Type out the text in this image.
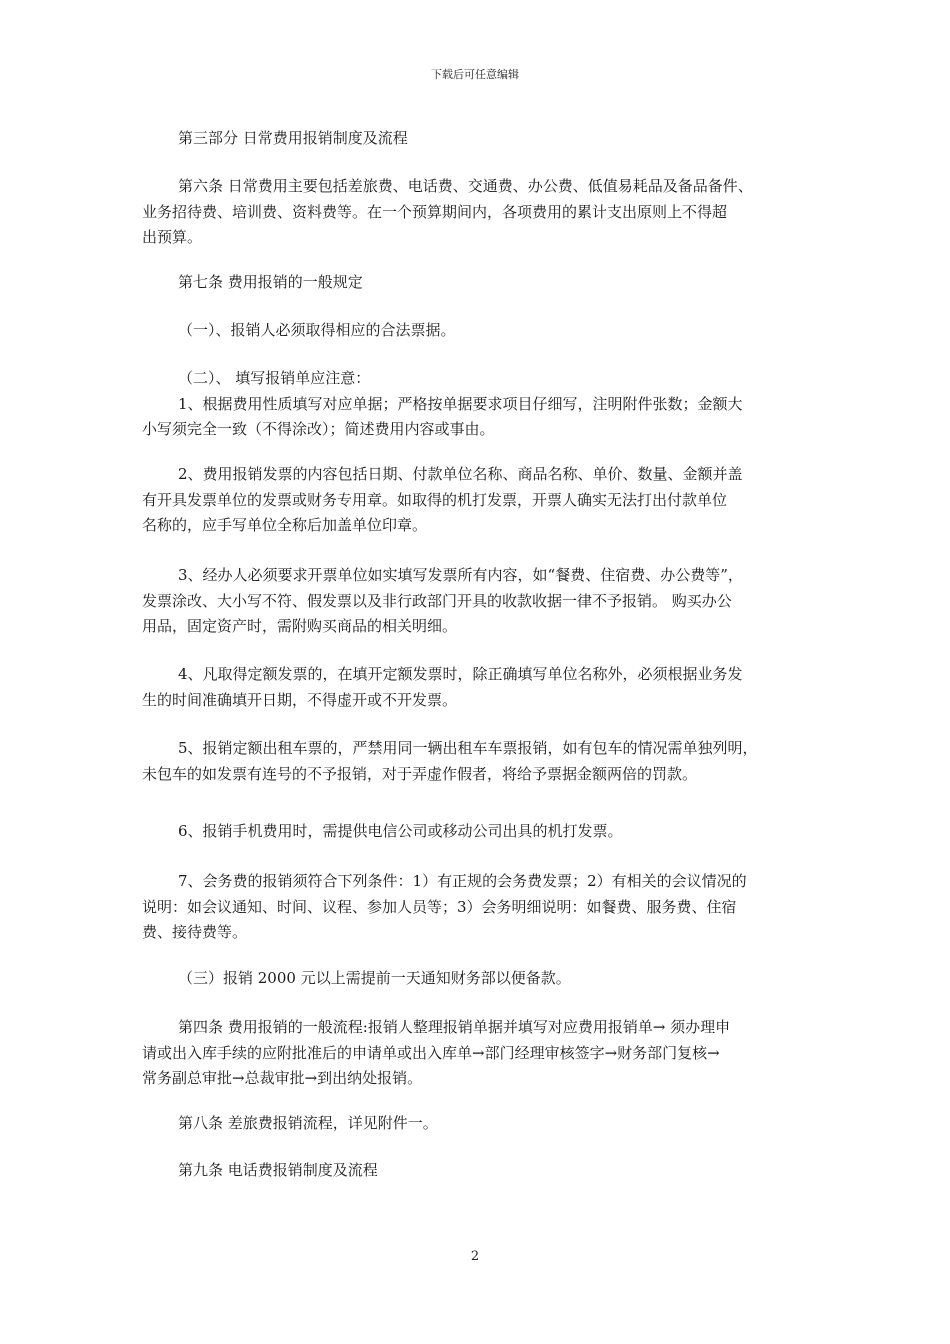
下载后可任意编辑
第三部分 日常费用报销制度及流程
第六条 日常费用主要包括差旅费、电话费、交通费、办公费、低值易耗品及备品备件、
业务招待费、培训费、资料费等。在一个预算期间内，各项费用的累计支出原则上不得超
出预算。
第七条 费用报销的一般规定
（一）、报销人必须取得相应的合法票据。
（二）、 填写报销单应注意：
1、根据费用性质填写对应单据；严格按单据要求项目仔细写，注明附件张数；金额大
小写须完全一致（不得涂改）；简述费用内容或事由。
2、费用报销发票的内容包括日期、付款单位名称、商品名称、单价、数量、金额并盖
有开具发票单位的发票或财务专用章。如取得的机打发票，开票人确实无法打出付款单位
名称的，应手写单位全称后加盖单位印章。
3、经办人必须要求开票单位如实填写发票所有内容，如“餐费、住宿费、办公费等”，
发票涂改、大小写不符、假发票以及非行政部门开具的收款收据一律不予报销。 购买办公
用品，固定资产时，需附购买商品的相关明细。
4、凡取得定额发票的，在填开定额发票时，除正确填写单位名称外，必须根据业务发
生的时间准确填开日期，不得虚开或不开发票。
5、报销定额出租车票的，严禁用同一辆出租车车票报销，如有包车的情况需单独列明，
未包车的如发票有连号的不予报销，对于弄虚作假者，将给予票据金额两倍的罚款。
6、报销手机费用时，需提供电信公司或移动公司出具的机打发票。
7、会务费的报销须符合下列条件：1）有正规的会务费发票；2）有相关的会议情况的
说明：如会议通知、时间、议程、参加人员等；3）会务明细说明：如餐费、服务费、住宿
费、接待费等。
（三）报销 2000 元以上需提前一天通知财务部以便备款。
第四条 费用报销的一般流程:报销人整理报销单据并填写对应费用报销单→ 须办理申
请或出入库手续的应附批准后的申请单或出入库单→部门经理审核签字→财务部门复核→
常务副总审批→总裁审批→到出纳处报销。
第八条 差旅费报销流程，详见附件一。
第九条 电话费报销制度及流程
2
